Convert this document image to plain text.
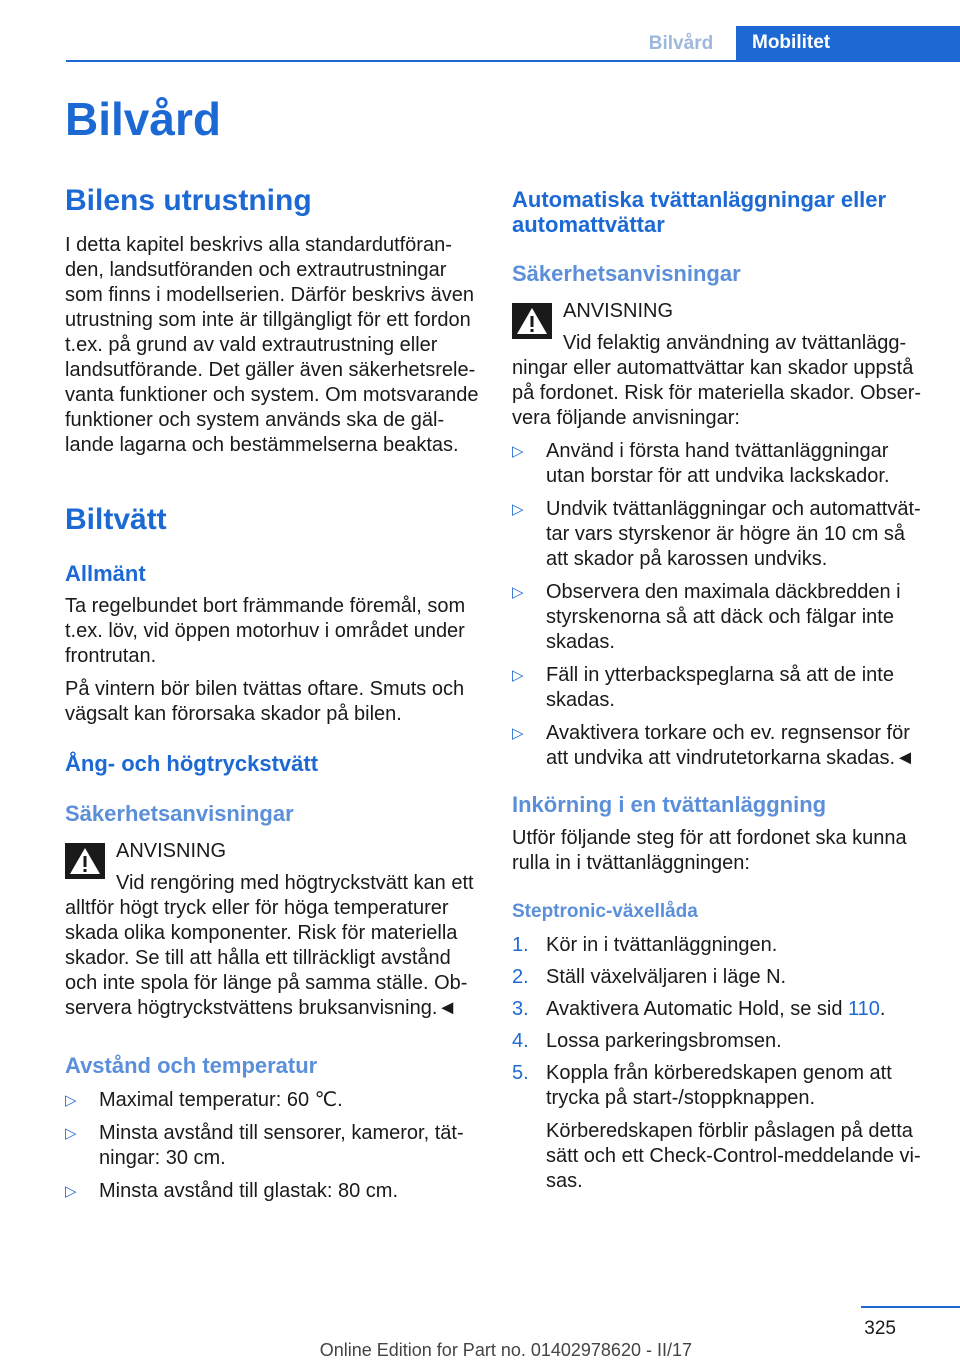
Bilvård	Mobilitet
Bilvård
Bilens utrustning
I detta kapitel beskrivs alla standardutföranden, landsutföranden och extrautrustningar som finns i modellserien. Därför beskrivs även utrustning som inte är tillgängligt för ett fordon t.ex. på grund av vald extrautrustning eller landsutförande. Det gäller även säkerhetsrelevanta funktioner och system. Om motsvarande funktioner och system används ska de gällande lagarna och bestämmelserna beaktas.
Biltvätt
Allmänt
Ta regelbundet bort främmande föremål, som t.ex. löv, vid öppen motorhuv i området under frontrutan.
På vintern bör bilen tvättas oftare. Smuts och vägsalt kan förorsaka skador på bilen.
Ång- och högtryckstvätt
Säkerhetsanvisningar
ANVISNING
Vid rengöring med högtryckstvätt kan ett alltför högt tryck eller för höga temperaturer skada olika komponenter. Risk för materiella skador. Se till att hålla ett tillräckligt avstånd och inte spola för länge på samma ställe. Observera högtryckstvättens bruksanvisning.◄
Avstånd och temperatur
▷	Maximal temperatur: 60 ℃.
▷	Minsta avstånd till sensorer, kameror, tätningar: 30 cm.
▷	Minsta avstånd till glastak: 80 cm.
Automatiska tvättanläggningar eller automattvättar
Säkerhetsanvisningar
ANVISNING
Vid felaktig användning av tvättanläggningar eller automattvättar kan skador uppstå på fordonet. Risk för materiella skador. Observera följande anvisningar:
▷	Använd i första hand tvättanläggningar utan borstar för att undvika lackskador.
▷	Undvik tvättanläggningar och automattvättar vars styrskenor är högre än 10 cm så att skador på karossen undviks.
▷	Observera den maximala däckbredden i styrskenorna så att däck och fälgar inte skadas.
▷	Fäll in ytterbackspeglarna så att de inte skadas.
▷	Avaktivera torkare och ev. regnsensor för att undvika att vindrutetorkarna skadas.◄
Inkörning i en tvättanläggning
Utför följande steg för att fordonet ska kunna rulla in i tvättanläggningen:
Steptronic-växellåda
1. Kör in i tvättanläggningen.
2. Ställ växelväljaren i läge N.
3. Avaktivera Automatic Hold, se sid 110.
4. Lossa parkeringsbromsen.
5. Koppla från körberedskapen genom att trycka på start-/stoppknappen.
Körberedskapen förblir påslagen på detta sätt och ett Check-Control-meddelande visas.
325
Online Edition for Part no. 01402978620 - II/17
